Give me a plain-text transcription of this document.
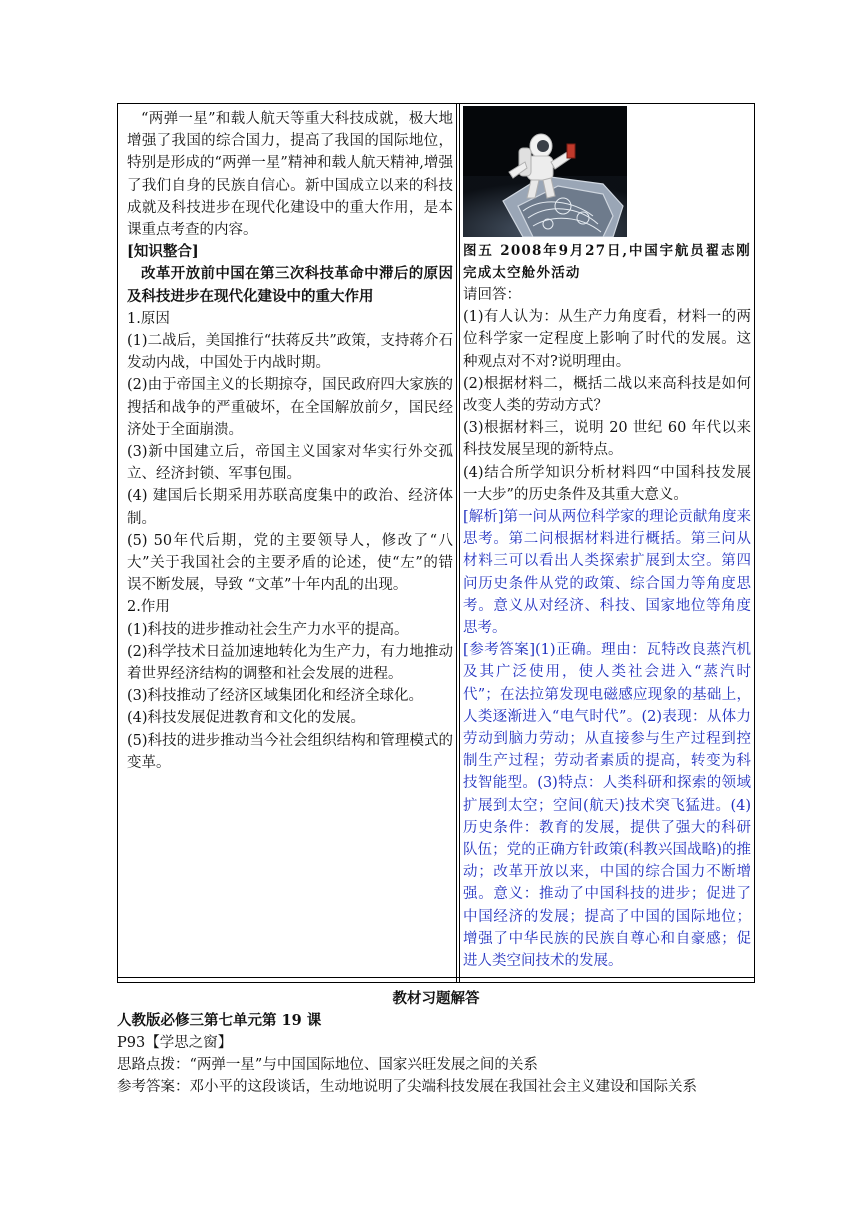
“两弹一星”和载人航天等重大科技成就，极大地增强了我国的综合国力，提高了我国的国际地位，特别是形成的“两弹一星”精神和载人航天精神,增强了我们自身的民族自信心。新中国成立以来的科技成就及科技进步在现代化建设中的重大作用，是本课重点考查的内容。

[知识整合]

改革开放前中国在第三次科技革命中滞后的原因及科技进步在现代化建设中的重大作用

1.原因

(1)二战后，美国推行“扶蒋反共”政策，支持蒋介石发动内战，中国处于内战时期。

(2)由于帝国主义的长期掠夺，国民政府四大家族的搜括和战争的严重破坏，在全国解放前夕，国民经济处于全面崩溃。

(3)新中国建立后，帝国主义国家对华实行外交孤立、经济封锁、军事包围。

(4) 建国后长期采用苏联高度集中的政治、经济体制。

(5) 50年代后期，党的主要领导人，修改了“八大”关于我国社会的主要矛盾的论述，使“左”的错误不断发展，导致 “文革”十年内乱的出现。

2.作用

(1)科技的进步推动社会生产力水平的提高。

(2)科学技术日益加速地转化为生产力，有力地推动着世界经济结构的调整和社会发展的进程。

(3)科技推动了经济区域集团化和经济全球化。

(4)科技发展促进教育和文化的发展。

(5)科技的进步推动当今社会组织结构和管理模式的变革。

图五 2008年9月27日,中国宇航员翟志刚完成太空舱外活动

请回答：

(1)有人认为：从生产力角度看，材料一的两位科学家一定程度上影响了时代的发展。这种观点对不对?说明理由。

(2)根据材料二，概括二战以来高科技是如何改变人类的劳动方式？

(3)根据材料三，说明 20 世纪 60 年代以来科技发展呈现的新特点。

(4)结合所学知识分析材料四“中国科技发展一大步”的历史条件及其重大意义。

[解析]第一问从两位科学家的理论贡献角度来思考。第二问根据材料进行概括。第三问从材料三可以看出人类探索扩展到太空。第四问历史条件从党的政策、综合国力等角度思考。意义从对经济、科技、国家地位等角度思考。

[参考答案](1)正确。理由：瓦特改良蒸汽机及其广泛使用，使人类社会进入“蒸汽时代”；在法拉第发现电磁感应现象的基础上，人类逐渐进入“电气时代”。(2)表现：从体力劳动到脑力劳动；从直接参与生产过程到控制生产过程；劳动者素质的提高，转变为科技智能型。(3)特点：人类科研和探索的领域扩展到太空；空间(航天)技术突飞猛进。(4)历史条件：教育的发展，提供了强大的科研队伍；党的正确方针政策(科教兴国战略)的推动；改革开放以来，中国的综合国力不断增强。意义：推动了中国科技的进步；促进了中国经济的发展；提高了中国的国际地位；增强了中华民族的民族自尊心和自豪感；促进人类空间技术的发展。

教材习题解答

人教版必修三第七单元第 19 课

P93【学思之窗】

思路点拨：“两弹一星”与中国国际地位、国家兴旺发展之间的关系

参考答案：邓小平的这段谈话，生动地说明了尖端科技发展在我国社会主义建设和国际关系
